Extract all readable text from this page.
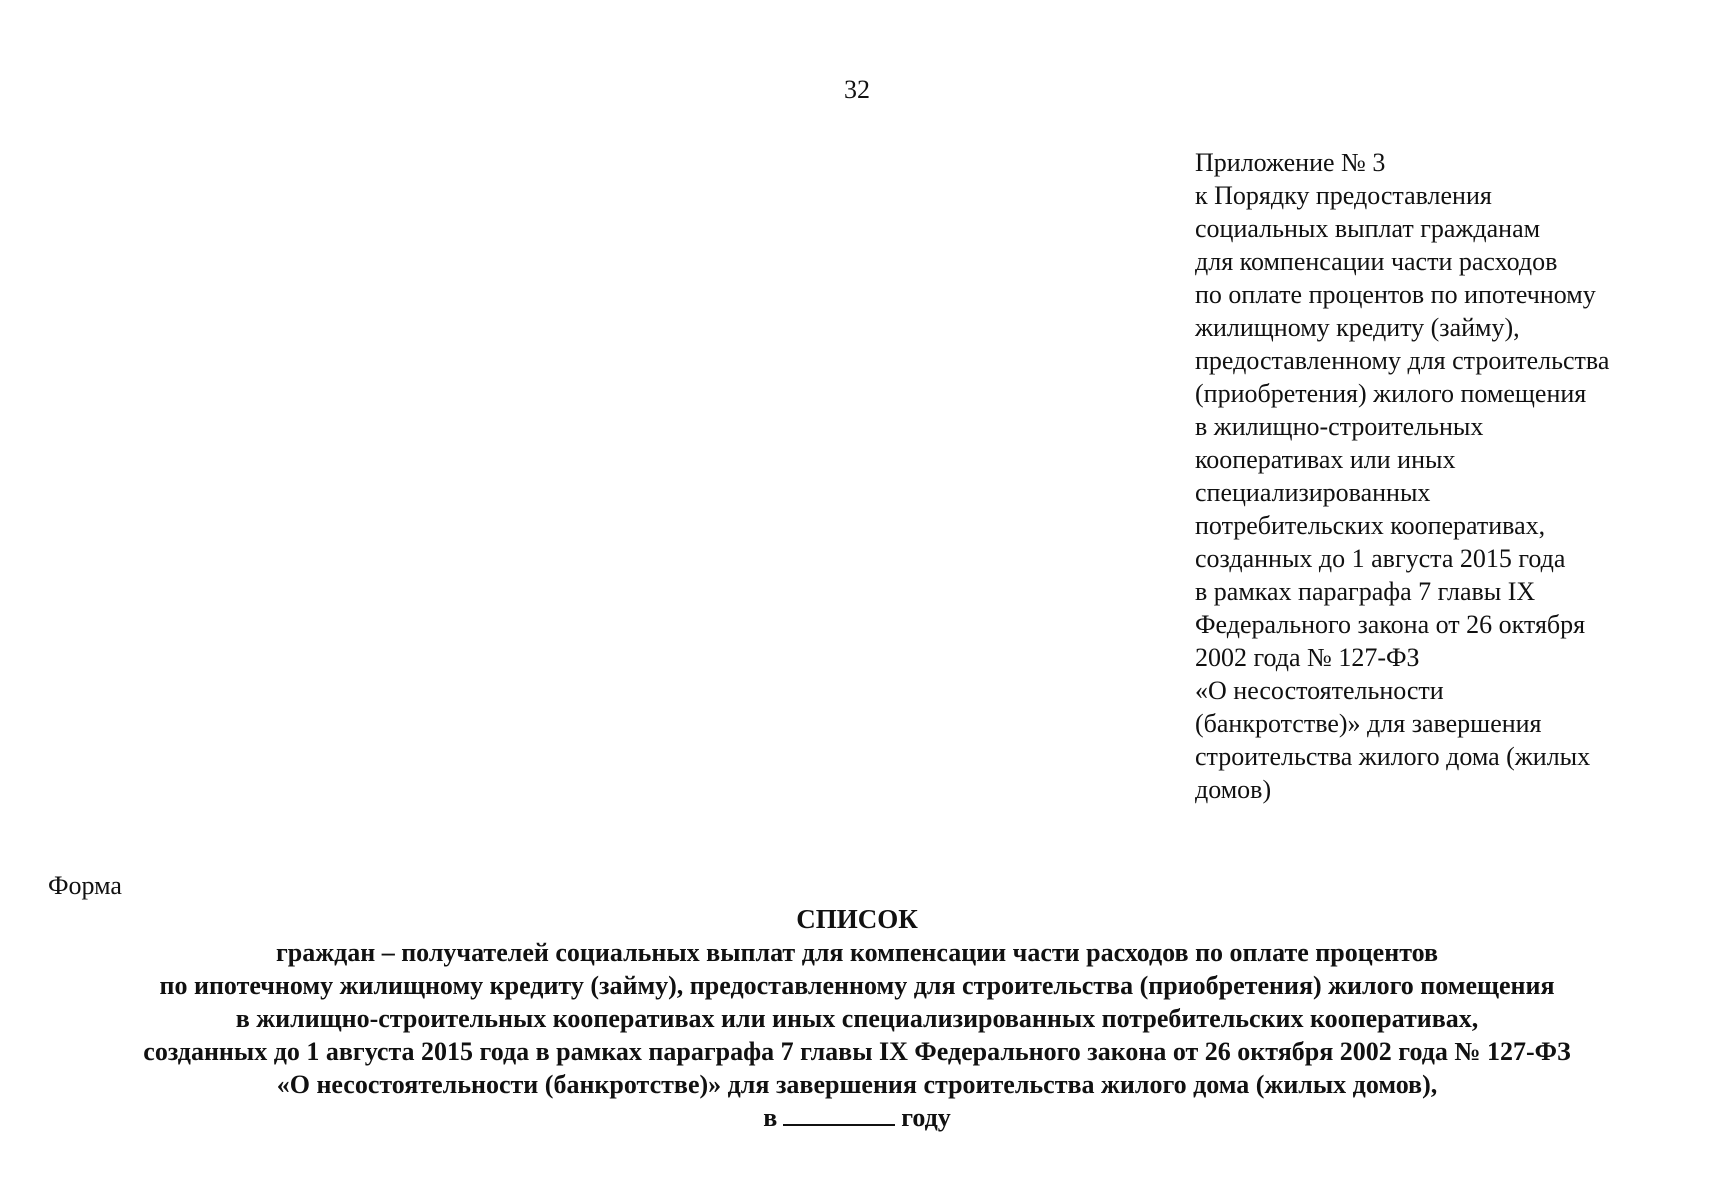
32
Приложение № 3
к Порядку предоставления
социальных выплат гражданам
для компенсации части расходов
по оплате процентов по ипотечному
жилищному кредиту (займу),
предоставленному для строительства
(приобретения) жилого помещения
в жилищно-строительных
кооперативах или иных
специализированных
потребительских кооперативах,
созданных до 1 августа 2015 года
в рамках параграфа 7 главы IX
Федерального закона от 26 октября
2002 года № 127-ФЗ
«О несостоятельности
(банкротстве)» для завершения
строительства жилого дома (жилых
домов)
Форма
СПИСОК
граждан – получателей социальных выплат для компенсации части расходов по оплате процентов
по ипотечному жилищному кредиту (займу), предоставленному для строительства (приобретения) жилого помещения
в жилищно-строительных кооперативах или иных специализированных потребительских кооперативах,
созданных до 1 августа 2015 года в рамках параграфа 7 главы IX Федерального закона от 26 октября 2002 года № 127-ФЗ
«О несостоятельности (банкротстве)» для завершения строительства жилого дома (жилых домов),
в	году
